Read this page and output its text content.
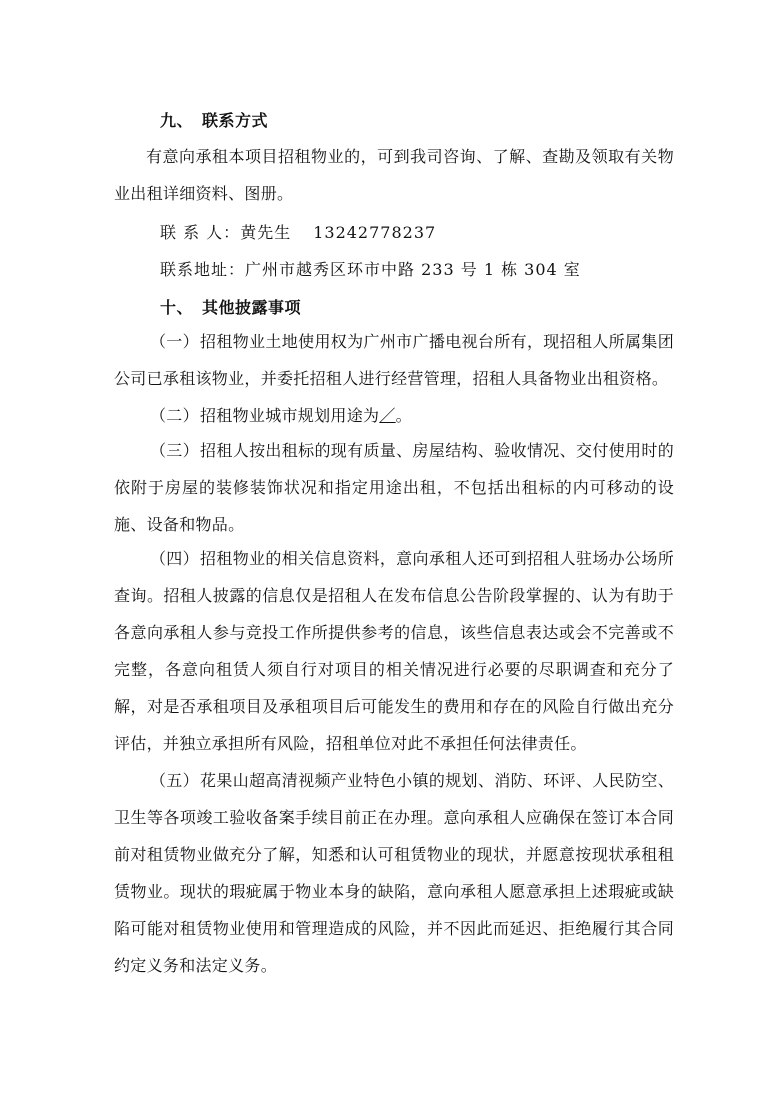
九、 联系方式
有意向承租本项目招租物业的，可到我司咨询、了解、查勘及领取有关物业出租详细资料、图册。
联 系 人：黄先生 13242778237
联系地址：广州市越秀区环市中路 233 号 1 栋 304 室
十、 其他披露事项
（一）招租物业土地使用权为广州市广播电视台所有，现招租人所属集团公司已承租该物业，并委托招租人进行经营管理，招租人具备物业出租资格。
（二）招租物业城市规划用途为／。
（三）招租人按出租标的现有质量、房屋结构、验收情况、交付使用时的依附于房屋的装修装饰状况和指定用途出租，不包括出租标的内可移动的设施、设备和物品。
（四）招租物业的相关信息资料，意向承租人还可到招租人驻场办公场所查询。招租人披露的信息仅是招租人在发布信息公告阶段掌握的、认为有助于各意向承租人参与竞投工作所提供参考的信息，该些信息表达或会不完善或不完整，各意向租赁人须自行对项目的相关情况进行必要的尽职调查和充分了解，对是否承租项目及承租项目后可能发生的费用和存在的风险自行做出充分评估，并独立承担所有风险，招租单位对此不承担任何法律责任。
（五）花果山超高清视频产业特色小镇的规划、消防、环评、人民防空、卫生等各项竣工验收备案手续目前正在办理。意向承租人应确保在签订本合同前对租赁物业做充分了解，知悉和认可租赁物业的现状，并愿意按现状承租租赁物业。现状的瑕疵属于物业本身的缺陷，意向承租人愿意承担上述瑕疵或缺陷可能对租赁物业使用和管理造成的风险，并不因此而延迟、拒绝履行其合同约定义务和法定义务。
